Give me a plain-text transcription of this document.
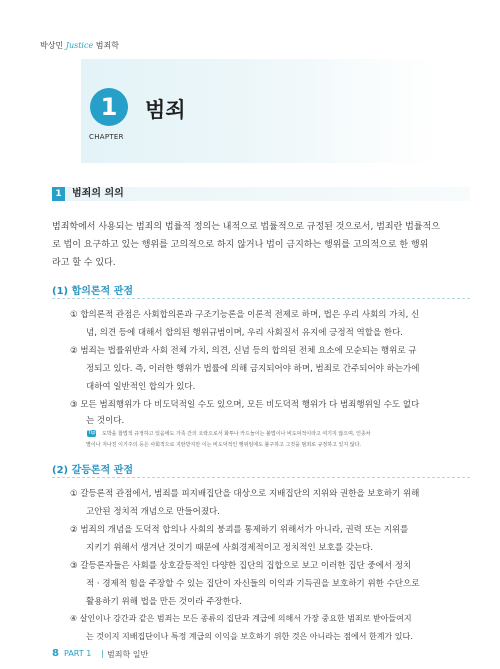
박상민 Justice 범죄학
1
CHAPTER
범죄
1	범죄의 의의
범죄학에서 사용되는 범죄의 법률적 정의는 내적으로 법률적으로 규정된 것으로서, 범죄란 법률적으
로 법이 요구하고 있는 행위를 고의적으로 하지 않거나 법이 금지하는 행위를 고의적으로 한 행위
라고 할 수 있다.
(1) 합의론적 관점
① 합의론적 관점은 사회합의론과 구조기능론을 이론적 전제로 하며, 법은 우리 사회의 가치, 신
념, 의견 등에 대해서 합의된 행위규범이며, 우리 사회질서 유지에 긍정적 역할을 한다.
② 범죄는 법률위반과 사회 전체 가치, 의견, 신념 등의 합의된 전체 요소에 모순되는 행위로 규
정되고 있다. 즉, 이러한 행위가 법률에 의해 금지되어야 하며, 범죄로 간주되어야 하는가에
대하여 일반적인 합의가 있다.
③ 모든 범죄행위가 다 비도덕적일 수도 있으며, 모든 비도덕적 행위가 다 범죄행위일 수도 없다
는 것이다.
Tip 도박을 합법적 규정하고 있음에도 가족 간의 오락으로서 화투나 카드놀이는 불법이나 비도덕적이라고 여기지 않으며, 인종차
별이나 지나친 이기주의 등은 사회적으로 지탄받지만 이는 비도덕적인 행위임에도 불구하고 그것을 범죄로 규정하고 있지 않다.
(2) 갈등론적 관점
① 갈등론적 관점에서, 범죄를 피지배집단을 대상으로 지배집단의 지위와 권한을 보호하기 위해
고안된 정치적 개념으로 만들어졌다.
② 범죄의 개념을 도덕적 합의나 사회의 붕괴를 통제하기 위해서가 아니라, 권력 또는 지위를
지키기 위해서 생겨난 것이기 때문에 사회경제적이고 정치적인 보호를 갖는다.
③ 갈등론자들은 사회를 상호갈등적인 다양한 집단의 집합으로 보고 이러한 집단 중에서 정치
적 · 경제적 힘을 주장할 수 있는 집단이 자신들의 이익과 기득권을 보호하기 위한 수단으로
활용하기 위해 법을 만든 것이라 주장한다.
④ 살인이나 강간과 같은 범죄는 모든 종류의 집단과 계급에 의해서 가장 중요한 범죄로 받아들여지
는 것이지 지배집단이나 특정 계급의 이익을 보호하기 위한 것은 아니라는 점에서 한계가 있다.
8 PART 1 | 범죄학 일반
